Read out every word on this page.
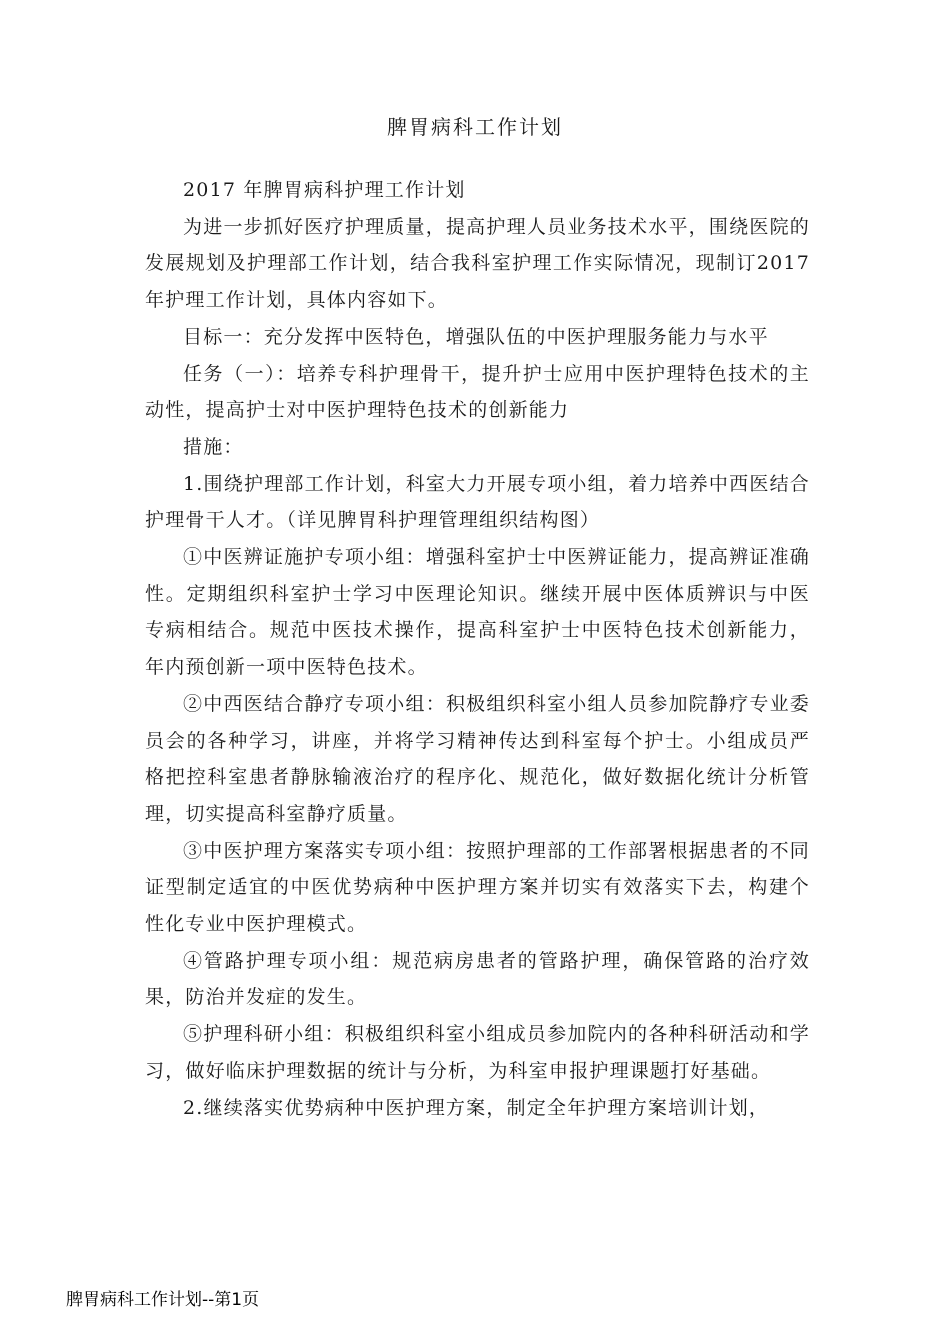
脾胃病科工作计划

2017 年脾胃病科护理工作计划

为进一步抓好医疗护理质量，提高护理人员业务技术水平，围绕医院的发展规划及护理部工作计划，结合我科室护理工作实际情况，现制订2017 年护理工作计划，具体内容如下。

目标一：充分发挥中医特色，增强队伍的中医护理服务能力与水平

任务（一）：培养专科护理骨干，提升护士应用中医护理特色技术的主动性，提高护士对中医护理特色技术的创新能力

措施：

1.围绕护理部工作计划，科室大力开展专项小组，着力培养中西医结合护理骨干人才。（详见脾胃科护理管理组织结构图）

①中医辨证施护专项小组：增强科室护士中医辨证能力，提高辨证准确性。定期组织科室护士学习中医理论知识。继续开展中医体质辨识与中医专病相结合。规范中医技术操作，提高科室护士中医特色技术创新能力，年内预创新一项中医特色技术。

②中西医结合静疗专项小组：积极组织科室小组人员参加院静疗专业委员会的各种学习，讲座，并将学习精神传达到科室每个护士。小组成员严格把控科室患者静脉输液治疗的程序化、规范化，做好数据化统计分析管理，切实提高科室静疗质量。

③中医护理方案落实专项小组：按照护理部的工作部署根据患者的不同证型制定适宜的中医优势病种中医护理方案并切实有效落实下去，构建个性化专业中医护理模式。

④管路护理专项小组：规范病房患者的管路护理，确保管路的治疗效果，防治并发症的发生。

⑤护理科研小组：积极组织科室小组成员参加院内的各种科研活动和学习，做好临床护理数据的统计与分析，为科室申报护理课题打好基础。

2.继续落实优势病种中医护理方案，制定全年护理方案培训计划，

脾胃病科工作计划--第1页
